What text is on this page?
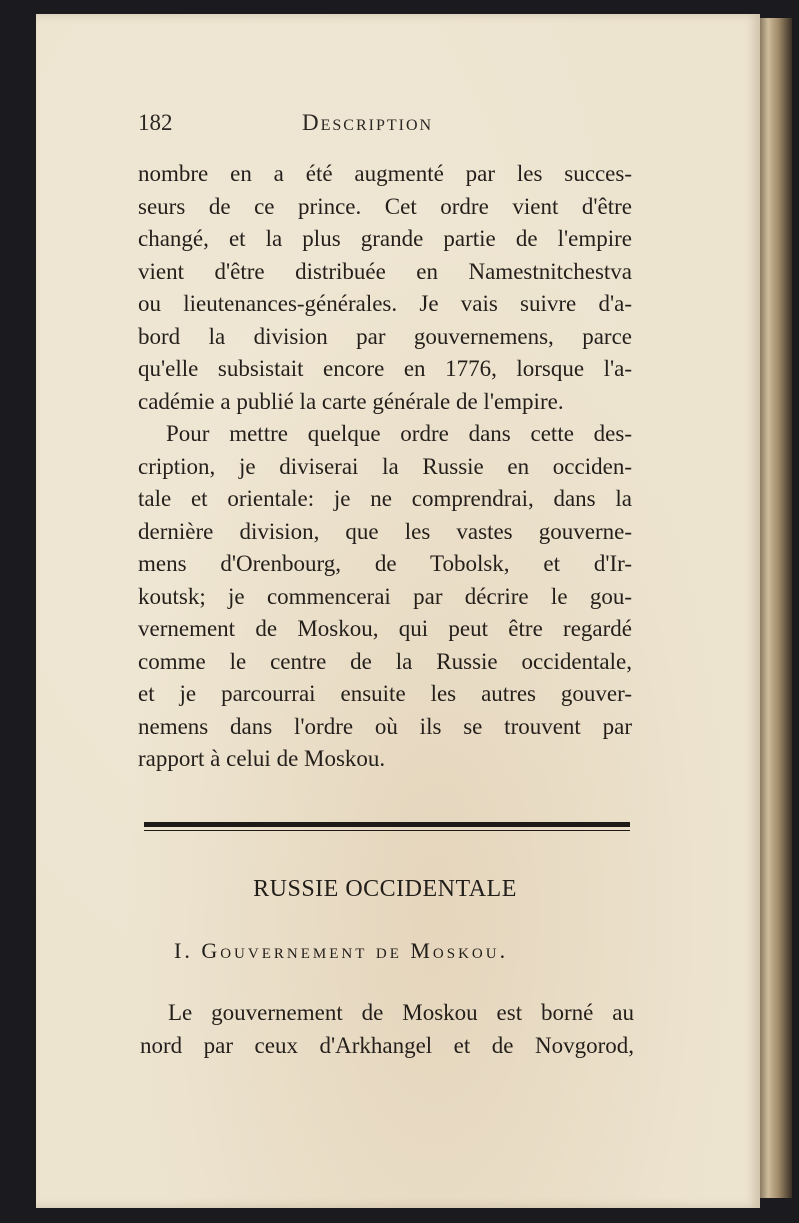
182	Description

nombre en a été augmenté par les succes-
seurs de ce prince. Cet ordre vient d'être
changé, et la plus grande partie de l'empire
vient d'être distribuée en Namestnitchestva
ou lieutenances-générales. Je vais suivre d'a-
bord la division par gouvernemens, parce
qu'elle subsistait encore en 1776, lorsque l'a-
cadémie a publié la carte générale de l'empire.

Pour mettre quelque ordre dans cette des-
cription, je diviserai la Russie en occiden-
tale et orientale: je ne comprendrai, dans la
dernière division, que les vastes gouverne-
mens d'Orenbourg, de Tobolsk, et d'Ir-
koutsk; je commencerai par décrire le gou-
vernement de Moskou, qui peut être regardé
comme le centre de la Russie occidentale,
et je parcourrai ensuite les autres gouver-
nemens dans l'ordre où ils se trouvent par
rapport à celui de Moskou.

RUSSIE OCCIDENTALE
I. Gouvernement de Moskou.

Le gouvernement de Moskou est borné au
nord par ceux d'Arkhangel et de Novgorod,
